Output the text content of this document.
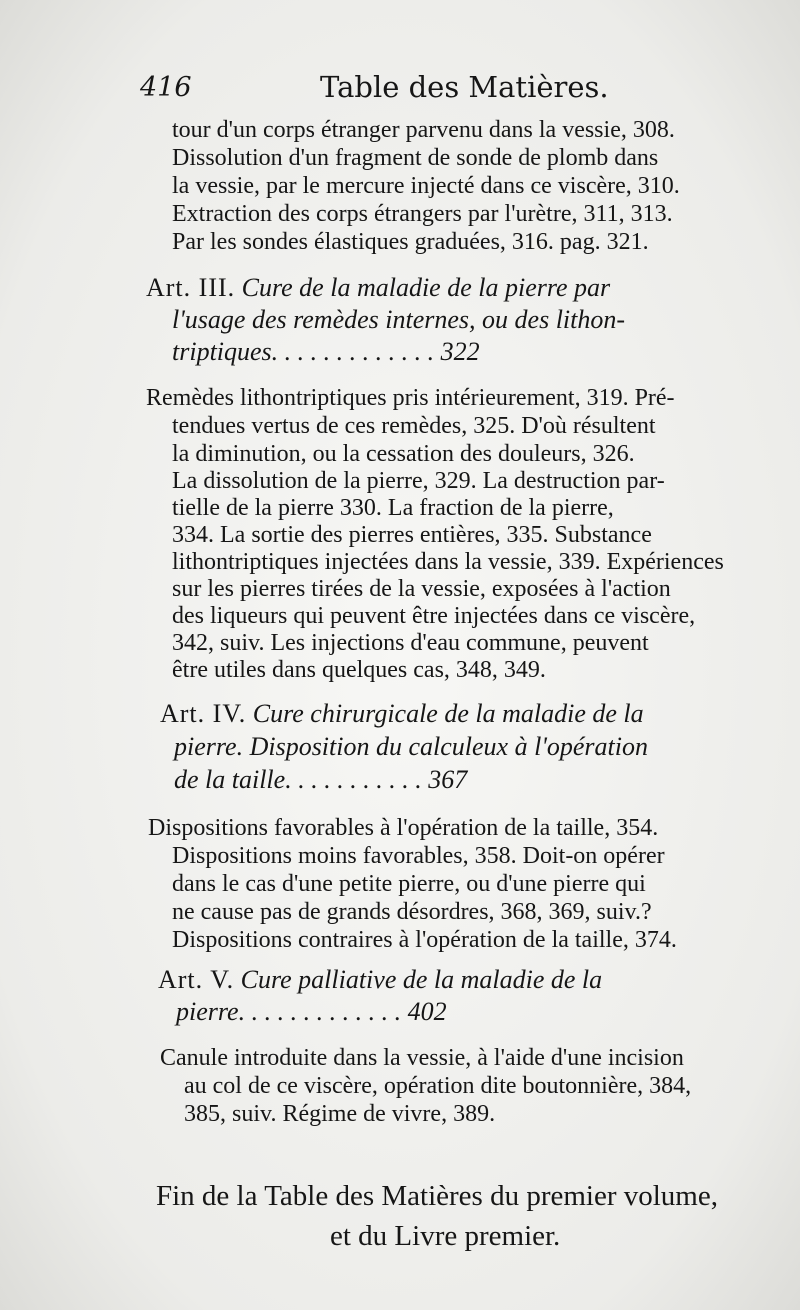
416	Table des Matières.
tour d'un corps étranger parvenu dans la vessie, 308.
Dissolution d'un fragment de sonde de plomb dans
la vessie, par le mercure injecté dans ce viscère, 310.
Extraction des corps étrangers par l'urètre, 311, 313.
Par les sondes élastiques graduées, 316. pag. 321.
Art. III. Cure de la maladie de la pierre par
l'usage des remèdes internes, ou des lithon-
triptiques. . . . . . . . . . . . . 322
Remèdes lithontriptiques pris intérieurement, 319. Pré-
tendues vertus de ces remèdes, 325. D'où résultent
la diminution, ou la cessation des douleurs, 326.
La dissolution de la pierre, 329. La destruction par-
tielle de la pierre 330. La fraction de la pierre,
334. La sortie des pierres entières, 335. Substance
lithontriptiques injectées dans la vessie, 339. Expériences
sur les pierres tirées de la vessie, exposées à l'action
des liqueurs qui peuvent être injectées dans ce viscère,
342, suiv. Les injections d'eau commune, peuvent
être utiles dans quelques cas, 348, 349.
Art. IV. Cure chirurgicale de la maladie de la
pierre. Disposition du calculeux à l'opération
de la taille. . . . . . . . . . . 367
Dispositions favorables à l'opération de la taille, 354.
Dispositions moins favorables, 358. Doit-on opérer
dans le cas d'une petite pierre, ou d'une pierre qui
ne cause pas de grands désordres, 368, 369, suiv.?
Dispositions contraires à l'opération de la taille, 374.
Art. V. Cure palliative de la maladie de la
pierre. . . . . . . . . . . . . 402
Canule introduite dans la vessie, à l'aide d'une incision
au col de ce viscère, opération dite boutonnière, 384,
385, suiv. Régime de vivre, 389.
Fin de la Table des Matières du premier volume,
et du Livre premier.
